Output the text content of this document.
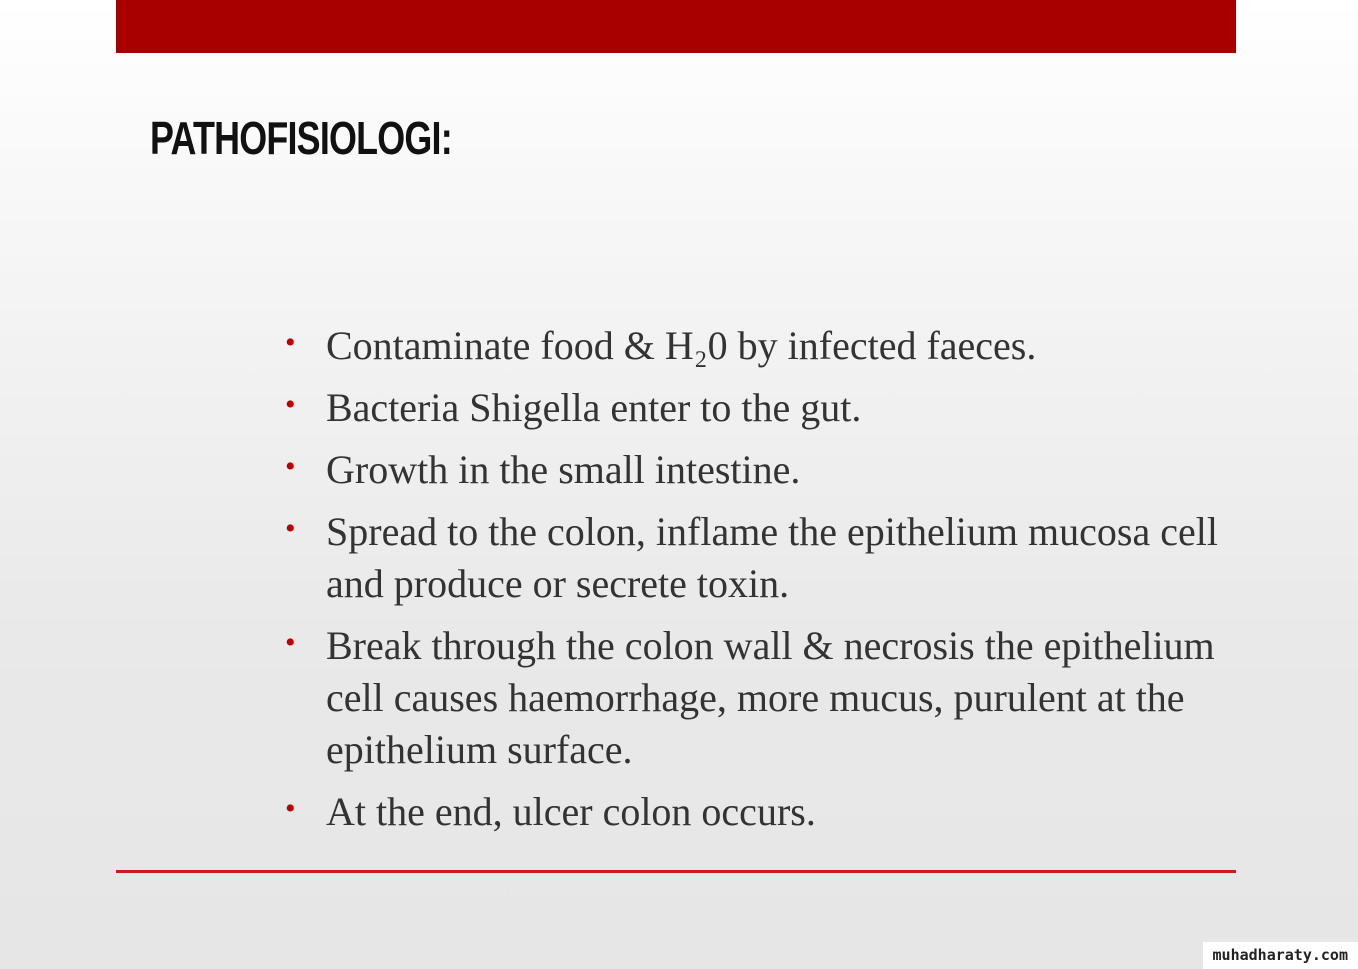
PATHOFISIOLOGI:
• Contaminate food & H₂0 by infected faeces.
• Bacteria Shigella enter to the gut.
• Growth in the small intestine.
• Spread to the colon, inflame the epithelium mucosa cell and produce or secrete toxin.
• Break through the colon wall & necrosis the epithelium cell causes haemorrhage, more mucus, purulent at the epithelium surface.
• At the end, ulcer colon occurs.
muhadharaty.com
